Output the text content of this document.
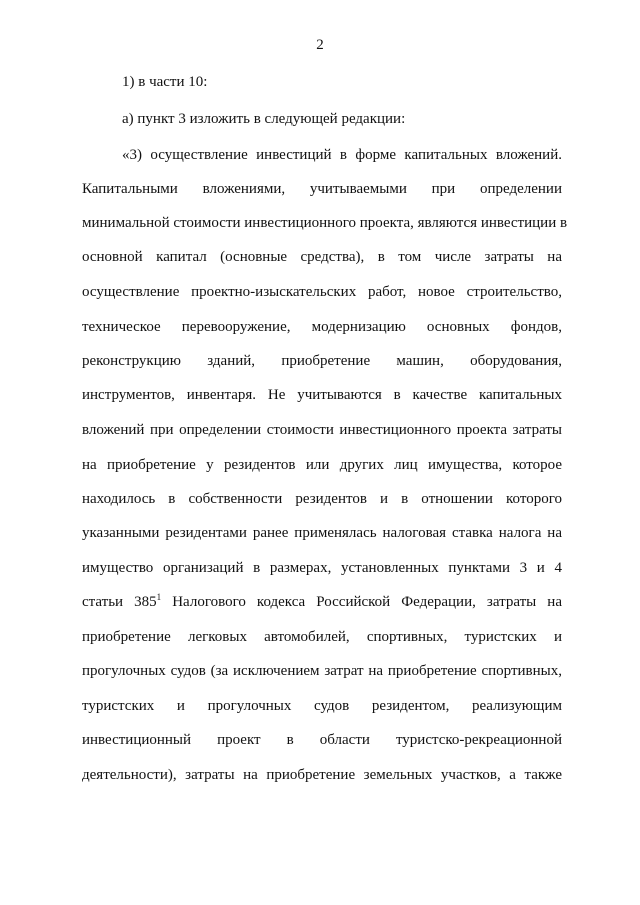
2
1) в части 10:
а) пункт 3 изложить в следующей редакции:
«3) осуществление инвестиций в форме капитальных вложений.
Капитальными вложениями, учитываемыми при определении
минимальной стоимости инвестиционного проекта, являются инвестиции в
основной капитал (основные средства), в том числе затраты на
осуществление проектно-изыскательских работ, новое строительство,
техническое перевооружение, модернизацию основных фондов,
реконструкцию зданий, приобретение машин, оборудования,
инструментов, инвентаря. Не учитываются в качестве капитальных
вложений при определении стоимости инвестиционного проекта затраты
на приобретение у резидентов или других лиц имущества, которое
находилось в собственности резидентов и в отношении которого
указанными резидентами ранее применялась налоговая ставка налога на
имущество организаций в размерах, установленных пунктами 3 и 4
статьи $385^1$ Налогового кодекса Российской Федерации, затраты на
приобретение легковых автомобилей, спортивных, туристских и
прогулочных судов (за исключением затрат на приобретение спортивных,
туристских и прогулочных судов резидентом, реализующим
инвестиционный проект в области туристско-рекреационной
деятельности), затраты на приобретение земельных участков, а также
